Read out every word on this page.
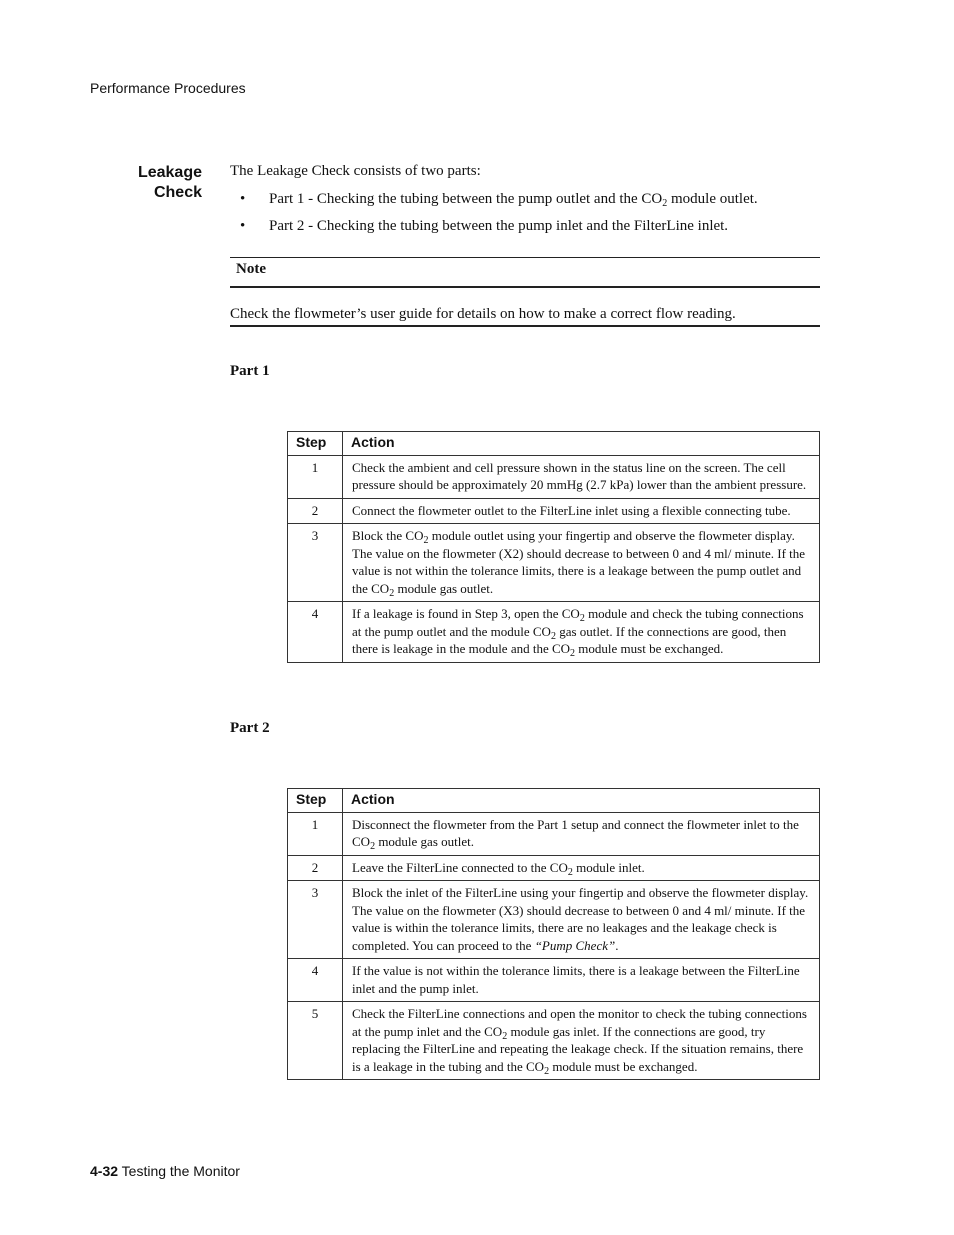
Performance Procedures
Leakage
Check

The Leakage Check consists of two parts:

• Part 1 - Checking the tubing between the pump outlet and the $CO_2$ module outlet.
• Part 2 - Checking the tubing between the pump inlet and the FilterLine inlet.
Note
Check the flowmeter’s user guide for details on how to make a correct flow reading.
Part 1
Step	Action
1	Check the ambient and cell pressure shown in the status line on the screen. The cell pressure should be approximately 20 mmHg (2.7 kPa) lower than the ambient pressure.
2	Connect the flowmeter outlet to the FilterLine inlet using a flexible connecting tube.
3	Block the $CO_2$ module outlet using your fingertip and observe the flowmeter display. The value on the flowmeter (X2) should decrease to between 0 and 4 ml/ minute. If the value is not within the tolerance limits, there is a leakage between the pump outlet and the $CO_2$ module gas outlet.
4	If a leakage is found in Step 3, open the $CO_2$ module and check the tubing connections at the pump outlet and the module $CO_2$ gas outlet. If the connections are good, then there is leakage in the module and the $CO_2$ module must be exchanged.
Part 2
Step	Action
1	Disconnect the flowmeter from the Part 1 setup and connect the flowmeter inlet to the $CO_2$ module gas outlet.
2	Leave the FilterLine connected to the $CO_2$ module inlet.
3	Block the inlet of the FilterLine using your fingertip and observe the flowmeter display. The value on the flowmeter (X3) should decrease to between 0 and 4 ml/ minute. If the value is within the tolerance limits, there are no leakages and the leakage check is completed. You can proceed to the “Pump Check”.
4	If the value is not within the tolerance limits, there is a leakage between the FilterLine inlet and the pump inlet.
5	Check the FilterLine connections and open the monitor to check the tubing connections at the pump inlet and the $CO_2$ module gas inlet. If the connections are good, try replacing the FilterLine and repeating the leakage check. If the situation remains, there is a leakage in the tubing and the $CO_2$ module must be exchanged.
4-32 Testing the Monitor
